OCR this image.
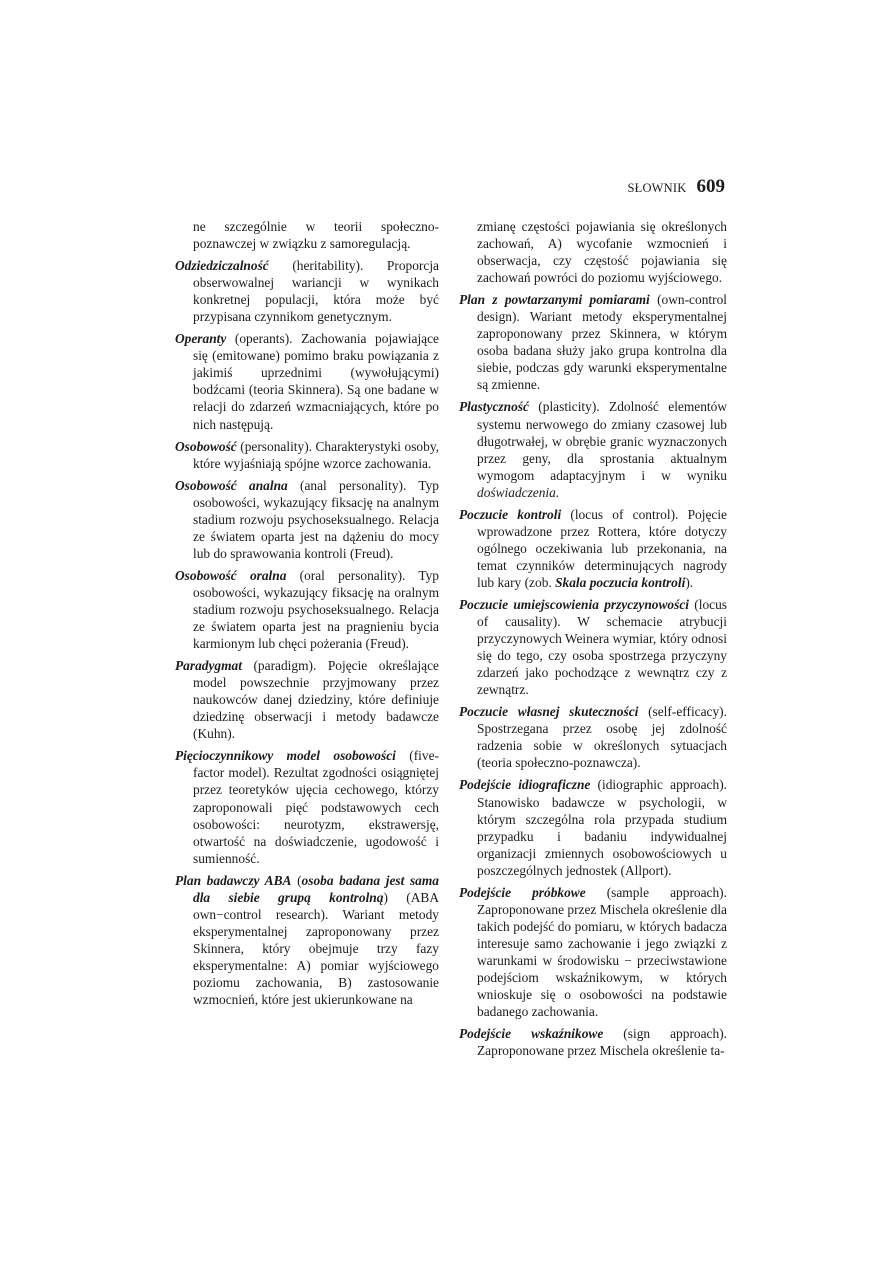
SŁOWNIK 609
ne szczególnie w teorii społeczno-poznawczej w związku z samoregulacją.
Odziedziczalność (heritability). Proporcja obserwowalnej wariancji w wynikach konkretnej populacji, która może być przypisana czynnikom genetycznym.
Operanty (operants). Zachowania pojawiające się (emitowane) pomimo braku powiązania z jakimiś uprzednimi (wywołującymi) bodźcami (teoria Skinnera). Są one badane w relacji do zdarzeń wzmacniających, które po nich następują.
Osobowość (personality). Charakterystyki osoby, które wyjaśniają spójne wzorce zachowania.
Osobowość analna (anal personality). Typ osobowości, wykazujący fiksację na analnym stadium rozwoju psychoseksualnego. Relacja ze światem oparta jest na dążeniu do mocy lub do sprawowania kontroli (Freud).
Osobowość oralna (oral personality). Typ osobowości, wykazujący fiksację na oralnym stadium rozwoju psychoseksualnego. Relacja ze światem oparta jest na pragnieniu bycia karmionym lub chęci pożerania (Freud).
Paradygmat (paradigm). Pojęcie określające model powszechnie przyjmowany przez naukowców danej dziedziny, które definiuje dziedzinę obserwacji i metody badawcze (Kuhn).
Pięcioczynnikowy model osobowości (five-factor model). Rezultat zgodności osiągniętej przez teoretyków ujęcia cechowego, którzy zaproponowali pięć podstawowych cech osobowości: neurotyzm, ekstrawersję, otwartość na doświadczenie, ugodowość i sumienność.
Plan badawczy ABA (osoba badana jest sama dla siebie grupą kontrolną) (ABA own−control research). Wariant metody eksperymentalnej zaproponowany przez Skinnera, który obejmuje trzy fazy eksperymentalne: A) pomiar wyjściowego poziomu zachowania, B) zastosowanie wzmocnień, które jest ukierunkowane na
zmianę częstości pojawiania się określonych zachowań, A) wycofanie wzmocnień i obserwacja, czy częstość pojawiania się zachowań powróci do poziomu wyjściowego.
Plan z powtarzanymi pomiarami (own-control design). Wariant metody eksperymentalnej zaproponowany przez Skinnera, w którym osoba badana służy jako grupa kontrolna dla siebie, podczas gdy warunki eksperymentalne są zmienne.
Plastyczność (plasticity). Zdolność elementów systemu nerwowego do zmiany czasowej lub długotrwałej, w obrębie granic wyznaczonych przez geny, dla sprostania aktualnym wymogom adaptacyjnym i w wyniku doświadczenia.
Poczucie kontroli (locus of control). Pojęcie wprowadzone przez Rottera, które dotyczy ogólnego oczekiwania lub przekonania, na temat czynników determinujących nagrody lub kary (zob. Skala poczucia kontroli).
Poczucie umiejscowienia przyczynowości (locus of causality). W schemacie atrybucji przyczynowych Weinera wymiar, który odnosi się do tego, czy osoba spostrzega przyczyny zdarzeń jako pochodzące z wewnątrz czy z zewnątrz.
Poczucie własnej skuteczności (self-efficacy). Spostrzegana przez osobę jej zdolność radzenia sobie w określonych sytuacjach (teoria społeczno-poznawcza).
Podejście idiograficzne (idiographic approach). Stanowisko badawcze w psychologii, w którym szczególna rola przypada studium przypadku i badaniu indywidualnej organizacji zmiennych osobowościowych u poszczególnych jednostek (Allport).
Podejście próbkowe (sample approach). Zaproponowane przez Mischela określenie dla takich podejść do pomiaru, w których badacza interesuje samo zachowanie i jego związki z warunkami w środowisku − przeciwstawione podejściom wskaźnikowym, w których wnioskuje się o osobowości na podstawie badanego zachowania.
Podejście wskaźnikowe (sign approach). Zaproponowane przez Mischela określenie ta-
